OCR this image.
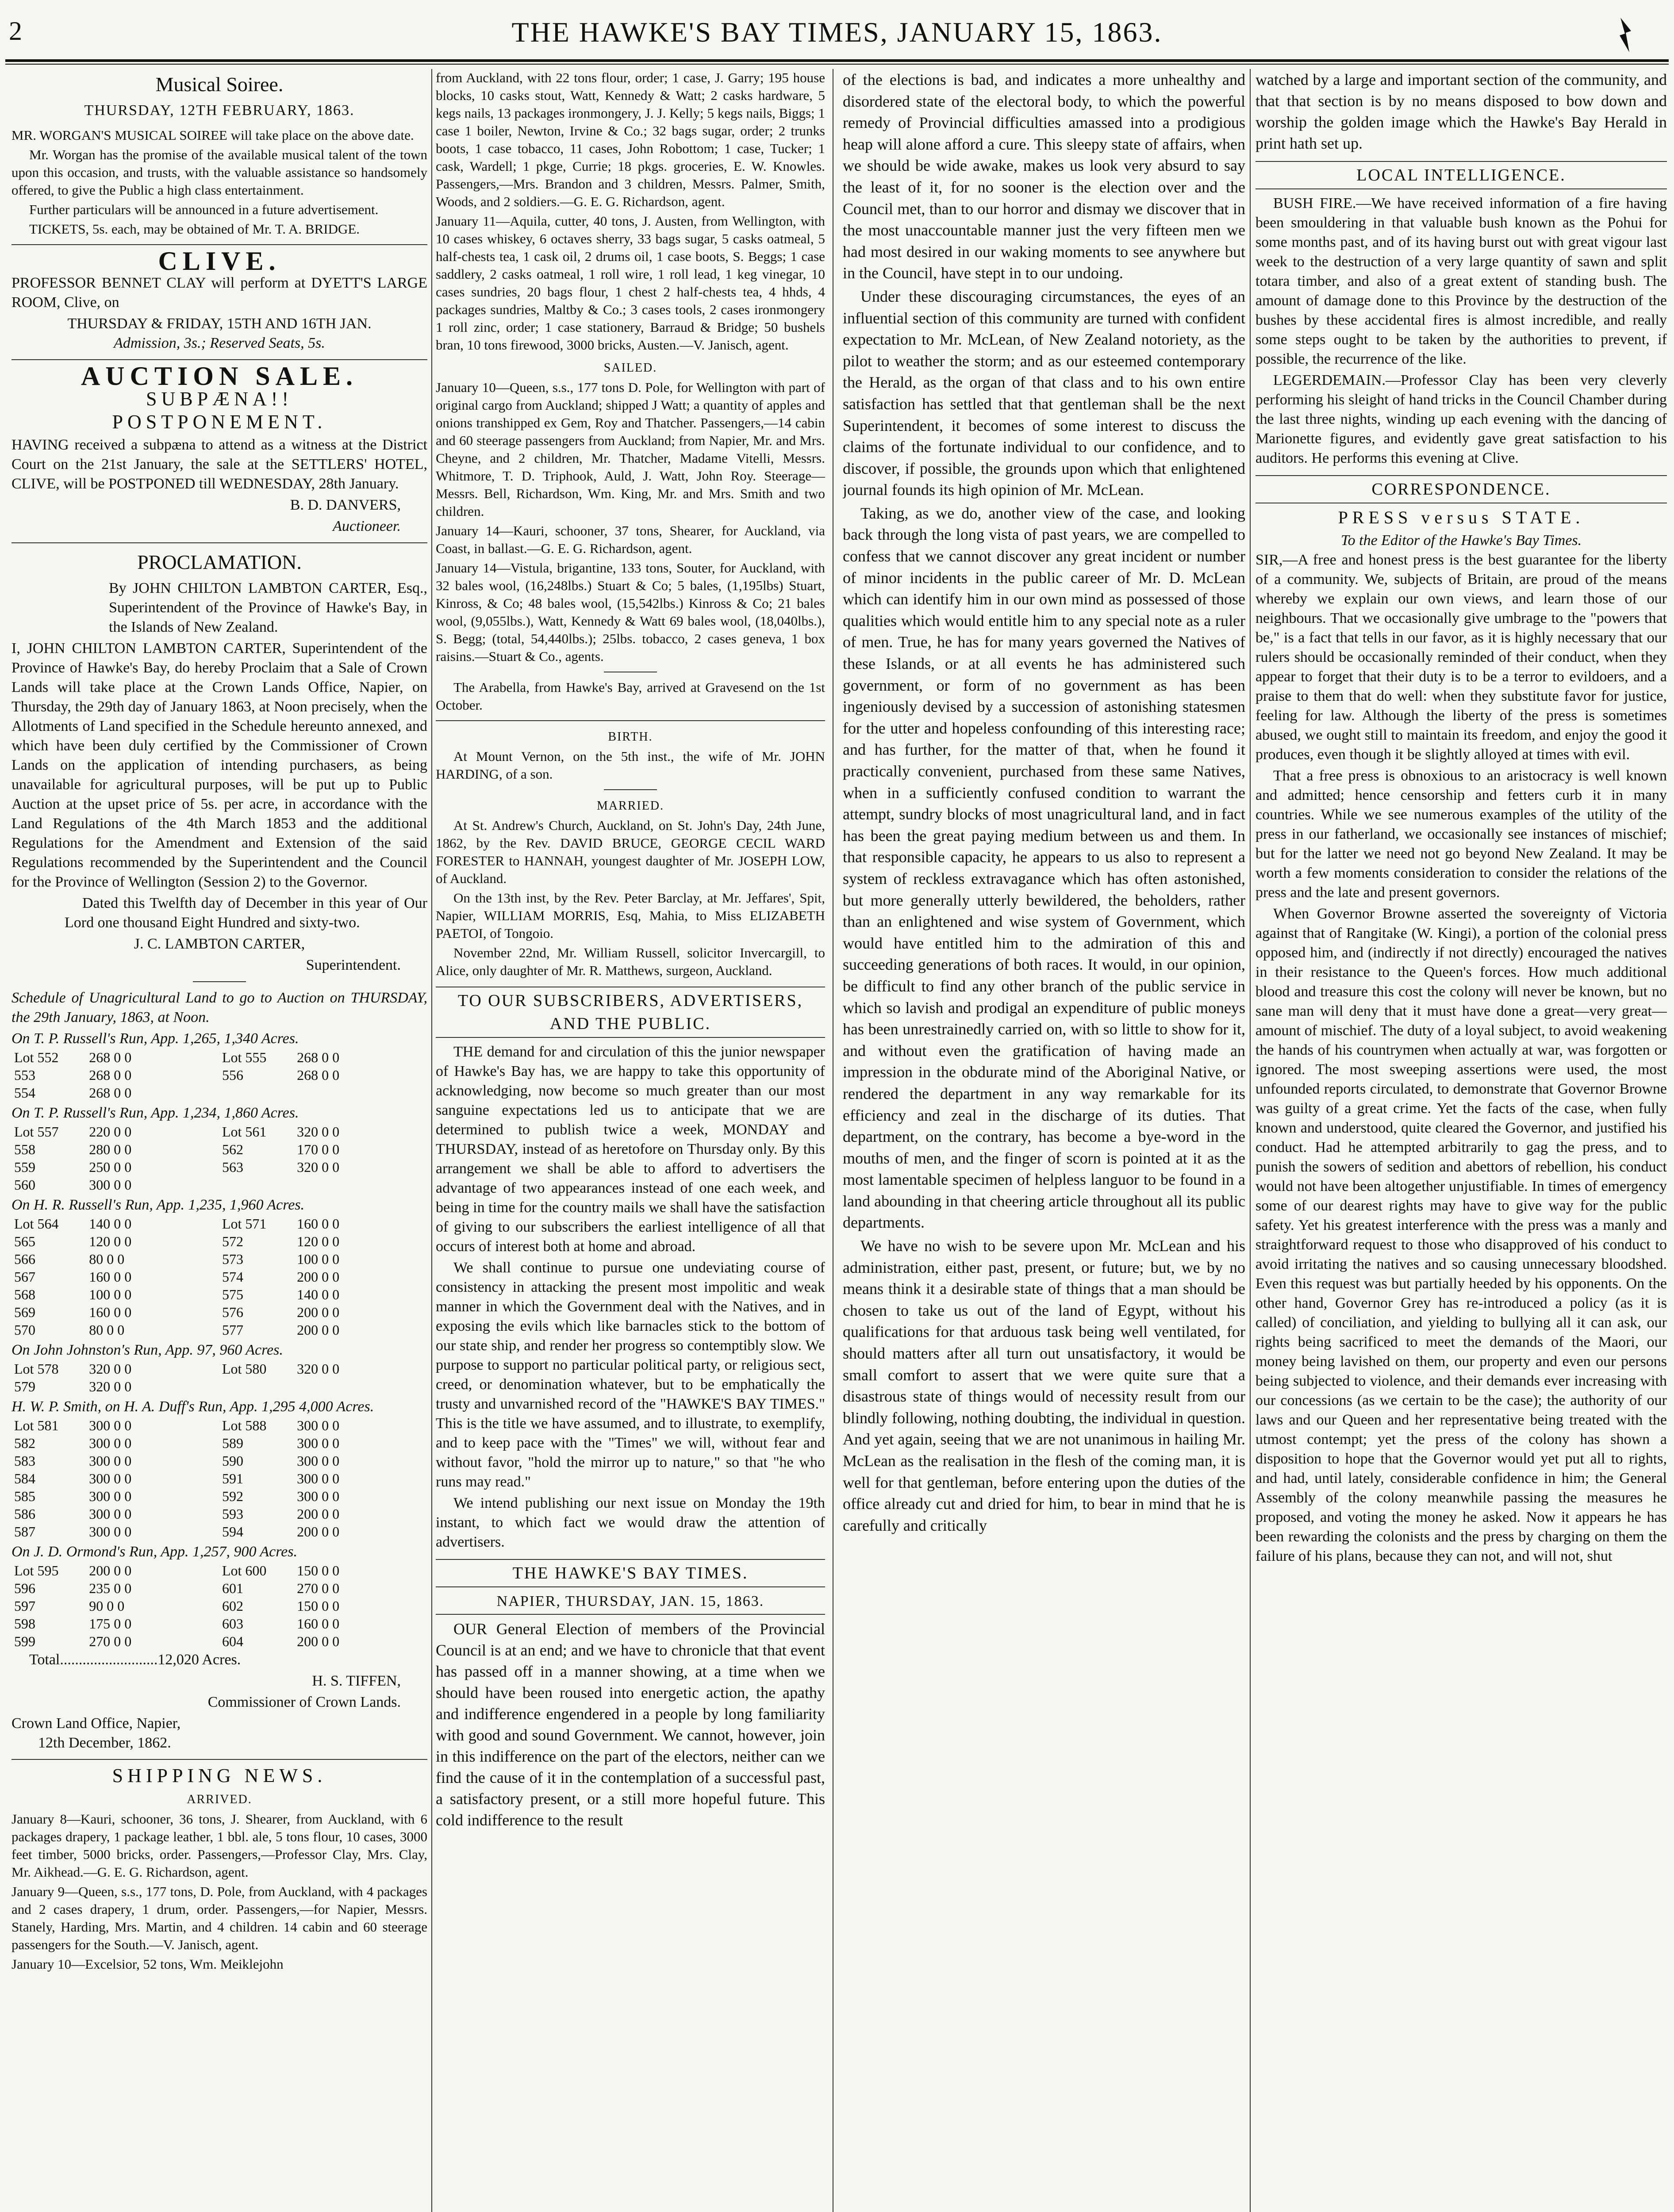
2	THE HAWKE'S BAY TIMES, JANUARY 15, 1863.
Musical Soiree.
THURSDAY, 12TH FEBRUARY, 1863.

MR. WORGAN'S MUSICAL SOIREE will take place on the above date.

Mr. Worgan has the promise of the available musical talent of the town upon this occasion, and trusts, with the valuable assistance so handsomely offered, to give the Public a high class entertainment.

Further particulars will be announced in a future advertisement.

TICKETS, 5s. each, may be obtained of Mr. T. A. BRIDGE.

CLIVE.

PROFESSOR BENNET CLAY will perform at DYETT'S LARGE ROOM, Clive, on

THURSDAY & FRIDAY, 15TH AND 16TH JAN.
Admission, 3s.; Reserved Seats, 5s.
AUCTION SALE.
SUBPÆNA!!
POSTPONEMENT.

HAVING received a subpæna to attend as a witness at the District Court on the 21st January, the sale at the SETTLERS' HOTEL, CLIVE, will be POSTPONED till WEDNESDAY, 28th January.

B. D. DANVERS,
Auctioneer.
PROCLAMATION.

By JOHN CHILTON LAMBTON CARTER, Esq., Superintendent of the Province of Hawke's Bay, in the Islands of New Zealand.

I, JOHN CHILTON LAMBTON CARTER, Superintendent of the Province of Hawke's Bay, do hereby Proclaim that a Sale of Crown Lands will take place at the Crown Lands Office, Napier, on Thursday, the 29th day of January 1863, at Noon precisely, when the Allotments of Land specified in the Schedule hereunto annexed, and which have been duly certified by the Commissioner of Crown Lands on the application of intending purchasers, as being unavailable for agricultural purposes, will be put up to Public Auction at the upset price of 5s. per acre, in accordance with the Land Regulations of the 4th March 1853 and the additional Regulations for the Amendment and Extension of the said Regulations recommended by the Superintendent and the Council for the Province of Wellington (Session 2) to the Governor.

Dated this Twelfth day of December in this year of Our Lord one thousand Eight Hundred and sixty-two.

J. C. LAMBTON CARTER,
Superintendent.

Schedule of Unagricultural Land to go to Auction on THURSDAY, the 29th January, 1863, at Noon.

On T. P. Russell's Run, App. 1,265, 1,340 Acres.
Lot 552	268 0 0	Lot 555	268 0 0
553	268 0 0	556	268 0 0
554	268 0 0		
On T. P. Russell's Run, App. 1,234, 1,860 Acres.
Lot 557	220 0 0	Lot 561	320 0 0
558	280 0 0	562	170 0 0
559	250 0 0	563	320 0 0
560	300 0 0		
On H. R. Russell's Run, App. 1,235, 1,960 Acres.
Lot 564	140 0 0	Lot 571	160 0 0
565	120 0 0	572	120 0 0
566	80 0 0	573	100 0 0
567	160 0 0	574	200 0 0
568	100 0 0	575	140 0 0
569	160 0 0	576	200 0 0
570	80 0 0	577	200 0 0
On John Johnston's Run, App. 97, 960 Acres.
Lot 578	320 0 0	Lot 580	320 0 0
579	320 0 0		
H. W. P. Smith, on H. A. Duff's Run, App. 1,295 4,000 Acres.
Lot 581	300 0 0	Lot 588	300 0 0
582	300 0 0	589	300 0 0
583	300 0 0	590	300 0 0
584	300 0 0	591	300 0 0
585	300 0 0	592	300 0 0
586	300 0 0	593	200 0 0
587	300 0 0	594	200 0 0
On J. D. Ormond's Run, App. 1,257, 900 Acres.
Lot 595	200 0 0	Lot 600	150 0 0
596	235 0 0	601	270 0 0
597	90 0 0	602	150 0 0
598	175 0 0	603	160 0 0
599	270 0 0	604	200 0 0
Total..........................12,020 Acres.
H. S. TIFFEN,
Commissioner of Crown Lands.
Crown Land Office, Napier,
12th December, 1862.
SHIPPING NEWS.
ARRIVED.

January 8—Kauri, schooner, 36 tons, J. Shearer, from Auckland, with 6 packages drapery, 1 package leather, 1 bbl. ale, 5 tons flour, 10 cases, 3000 feet timber, 5000 bricks, order. Passengers,—Professor Clay, Mrs. Clay, Mr. Aikhead.—G. E. G. Richardson, agent.

January 9—Queen, s.s., 177 tons, D. Pole, from Auckland, with 4 packages and 2 cases drapery, 1 drum, order. Passengers,—for Napier, Messrs. Stanely, Harding, Mrs. Martin, and 4 children. 14 cabin and 60 steerage passengers for the South.—V. Janisch, agent.

January 10—Excelsior, 52 tons, Wm. Meiklejohn

from Auckland, with 22 tons flour, order; 1 case, J. Garry; 195 house blocks, 10 casks stout, Watt, Kennedy & Watt; 2 casks hardware, 5 kegs nails, 13 packages ironmongery, J. J. Kelly; 5 kegs nails, Biggs; 1 case 1 boiler, Newton, Irvine & Co.; 32 bags sugar, order; 2 trunks boots, 1 case tobacco, 11 cases, John Robottom; 1 case, Tucker; 1 cask, Wardell; 1 pkge, Currie; 18 pkgs. groceries, E. W. Knowles. Passengers,—Mrs. Brandon and 3 children, Messrs. Palmer, Smith, Woods, and 2 soldiers.—G. E. G. Richardson, agent.

January 11—Aquila, cutter, 40 tons, J. Austen, from Wellington, with 10 cases whiskey, 6 octaves sherry, 33 bags sugar, 5 casks oatmeal, 5 half-chests tea, 1 cask oil, 2 drums oil, 1 case boots, S. Beggs; 1 case saddlery, 2 casks oatmeal, 1 roll wire, 1 roll lead, 1 keg vinegar, 10 cases sundries, 20 bags flour, 1 chest 2 half-chests tea, 4 hhds, 4 packages sundries, Maltby & Co.; 3 cases tools, 2 cases ironmongery 1 roll zinc, order; 1 case stationery, Barraud & Bridge; 50 bushels bran, 10 tons firewood, 3000 bricks, Austen.—V. Janisch, agent.

SAILED.

January 10—Queen, s.s., 177 tons D. Pole, for Wellington with part of original cargo from Auckland; shipped J Watt; a quantity of apples and onions transhipped ex Gem, Roy and Thatcher. Passengers,—14 cabin and 60 steerage passengers from Auckland; from Napier, Mr. and Mrs. Cheyne, and 2 children, Mr. Thatcher, Madame Vitelli, Messrs. Whitmore, T. D. Triphook, Auld, J. Watt, John Roy. Steerage—Messrs. Bell, Richardson, Wm. King, Mr. and Mrs. Smith and two children.

January 14—Kauri, schooner, 37 tons, Shearer, for Auckland, via Coast, in ballast.—G. E. G. Richardson, agent.

January 14—Vistula, brigantine, 133 tons, Souter, for Auckland, with 32 bales wool, (16,248lbs.) Stuart & Co; 5 bales, (1,195lbs) Stuart, Kinross, & Co; 48 bales wool, (15,542lbs.) Kinross & Co; 21 bales wool, (9,055lbs.), Watt, Kennedy & Watt 69 bales wool, (18,040lbs.), S. Begg; (total, 54,440lbs.); 25lbs. tobacco, 2 cases geneva, 1 box raisins.—Stuart & Co., agents.

The Arabella, from Hawke's Bay, arrived at Gravesend on the 1st October.

BIRTH.

At Mount Vernon, on the 5th inst., the wife of Mr. JOHN HARDING, of a son.

MARRIED.

At St. Andrew's Church, Auckland, on St. John's Day, 24th June, 1862, by the Rev. DAVID BRUCE, GEORGE CECIL WARD FORESTER to HANNAH, youngest daughter of Mr. JOSEPH LOW, of Auckland.

On the 13th inst, by the Rev. Peter Barclay, at Mr. Jeffares', Spit, Napier, WILLIAM MORRIS, Esq, Mahia, to Miss ELIZABETH PAETOI, of Tongoio.

November 22nd, Mr. William Russell, solicitor Invercargill, to Alice, only daughter of Mr. R. Matthews, surgeon, Auckland.

TO OUR SUBSCRIBERS, ADVERTISERS, AND THE PUBLIC.

THE demand for and circulation of this the junior newspaper of Hawke's Bay has, we are happy to take this opportunity of acknowledging, now become so much greater than our most sanguine expectations led us to anticipate that we are determined to publish twice a week, MONDAY and THURSDAY, instead of as heretofore on Thursday only. By this arrangement we shall be able to afford to advertisers the advantage of two appearances instead of one each week, and being in time for the country mails we shall have the satisfaction of giving to our subscribers the earliest intelligence of all that occurs of interest both at home and abroad.

We shall continue to pursue one undeviating course of consistency in attacking the present most impolitic and weak manner in which the Government deal with the Natives, and in exposing the evils which like barnacles stick to the bottom of our state ship, and render her progress so contemptibly slow. We purpose to support no particular political party, or religious sect, creed, or denomination whatever, but to be emphatically the trusty and unvarnished record of the "HAWKE'S BAY TIMES." This is the title we have assumed, and to illustrate, to exemplify, and to keep pace with the "Times" we will, without fear and without favor, "hold the mirror up to nature," so that "he who runs may read."

We intend publishing our next issue on Monday the 19th instant, to which fact we would draw the attention of advertisers.

THE HAWKE'S BAY TIMES.
NAPIER, THURSDAY, JAN. 15, 1863.

OUR General Election of members of the Provincial Council is at an end; and we have to chronicle that that event has passed off in a manner showing, at a time when we should have been roused into energetic action, the apathy and indifference engendered in a people by long familiarity with good and sound Government. We cannot, however, join in this indifference on the part of the electors, neither can we find the cause of it in the contemplation of a successful past, a satisfactory present, or a still more hopeful future. This cold indifference to the result

of the elections is bad, and indicates a more unhealthy and disordered state of the electoral body, to which the powerful remedy of Provincial difficulties amassed into a prodigious heap will alone afford a cure. This sleepy state of affairs, when we should be wide awake, makes us look very absurd to say the least of it, for no sooner is the election over and the Council met, than to our horror and dismay we discover that in the most unaccountable manner just the very fifteen men we had most desired in our waking moments to see anywhere but in the Council, have stept in to our undoing.

Under these discouraging circumstances, the eyes of an influential section of this community are turned with confident expectation to Mr. McLean, of New Zealand notoriety, as the pilot to weather the storm; and as our esteemed contemporary the Herald, as the organ of that class and to his own entire satisfaction has settled that that gentleman shall be the next Superintendent, it becomes of some interest to discuss the claims of the fortunate individual to our confidence, and to discover, if possible, the grounds upon which that enlightened journal founds its high opinion of Mr. McLean.

Taking, as we do, another view of the case, and looking back through the long vista of past years, we are compelled to confess that we cannot discover any great incident or number of minor incidents in the public career of Mr. D. McLean which can identify him in our own mind as possessed of those qualities which would entitle him to any special note as a ruler of men. True, he has for many years governed the Natives of these Islands, or at all events he has administered such government, or form of no government as has been ingeniously devised by a succession of astonishing statesmen for the utter and hopeless confounding of this interesting race; and has further, for the matter of that, when he found it practically convenient, purchased from these same Natives, when in a sufficiently confused condition to warrant the attempt, sundry blocks of most unagricultural land, and in fact has been the great paying medium between us and them. In that responsible capacity, he appears to us also to represent a system of reckless extravagance which has often astonished, but more generally utterly bewildered, the beholders, rather than an enlightened and wise system of Government, which would have entitled him to the admiration of this and succeeding generations of both races. It would, in our opinion, be difficult to find any other branch of the public service in which so lavish and prodigal an expenditure of public moneys has been unrestrainedly carried on, with so little to show for it, and without even the gratification of having made an impression in the obdurate mind of the Aboriginal Native, or rendered the department in any way remarkable for its efficiency and zeal in the discharge of its duties. That department, on the contrary, has become a bye-word in the mouths of men, and the finger of scorn is pointed at it as the most lamentable specimen of helpless languor to be found in a land abounding in that cheering article throughout all its public departments.

We have no wish to be severe upon Mr. McLean and his administration, either past, present, or future; but, we by no means think it a desirable state of things that a man should be chosen to take us out of the land of Egypt, without his qualifications for that arduous task being well ventilated, for should matters after all turn out unsatisfactory, it would be small comfort to assert that we were quite sure that a disastrous state of things would of necessity result from our blindly following, nothing doubting, the individual in question. And yet again, seeing that we are not unanimous in hailing Mr. McLean as the realisation in the flesh of the coming man, it is well for that gentleman, before entering upon the duties of the office already cut and dried for him, to bear in mind that he is carefully and critically

watched by a large and important section of the community, and that that section is by no means disposed to bow down and worship the golden image which the Hawke's Bay Herald in print hath set up.

LOCAL INTELLIGENCE.

BUSH FIRE.—We have received information of a fire having been smouldering in that valuable bush known as the Pohui for some months past, and of its having burst out with great vigour last week to the destruction of a very large quantity of sawn and split totara timber, and also of a great extent of standing bush. The amount of damage done to this Province by the destruction of the bushes by these accidental fires is almost incredible, and really some steps ought to be taken by the authorities to prevent, if possible, the recurrence of the like.

LEGERDEMAIN.—Professor Clay has been very cleverly performing his sleight of hand tricks in the Council Chamber during the last three nights, winding up each evening with the dancing of Marionette figures, and evidently gave great satisfaction to his auditors. He performs this evening at Clive.

CORRESPONDENCE.
PRESS versus STATE.
To the Editor of the Hawke's Bay Times.

SIR,—A free and honest press is the best guarantee for the liberty of a community. We, subjects of Britain, are proud of the means whereby we explain our own views, and learn those of our neighbours. That we occasionally give umbrage to the "powers that be," is a fact that tells in our favor, as it is highly necessary that our rulers should be occasionally reminded of their conduct, when they appear to forget that their duty is to be a terror to evildoers, and a praise to them that do well: when they substitute favor for justice, feeling for law. Although the liberty of the press is sometimes abused, we ought still to maintain its freedom, and enjoy the good it produces, even though it be slightly alloyed at times with evil.

That a free press is obnoxious to an aristocracy is well known and admitted; hence censorship and fetters curb it in many countries. While we see numerous examples of the utility of the press in our fatherland, we occasionally see instances of mischief; but for the latter we need not go beyond New Zealand. It may be worth a few moments consideration to consider the relations of the press and the late and present governors.

When Governor Browne asserted the sovereignty of Victoria against that of Rangitake (W. Kingi), a portion of the colonial press opposed him, and (indirectly if not directly) encouraged the natives in their resistance to the Queen's forces. How much additional blood and treasure this cost the colony will never be known, but no sane man will deny that it must have done a great—very great—amount of mischief. The duty of a loyal subject, to avoid weakening the hands of his countrymen when actually at war, was forgotten or ignored. The most sweeping assertions were used, the most unfounded reports circulated, to demonstrate that Governor Browne was guilty of a great crime. Yet the facts of the case, when fully known and understood, quite cleared the Governor, and justified his conduct. Had he attempted arbitrarily to gag the press, and to punish the sowers of sedition and abettors of rebellion, his conduct would not have been altogether unjustifiable. In times of emergency some of our dearest rights may have to give way for the public safety. Yet his greatest interference with the press was a manly and straightforward request to those who disapproved of his conduct to avoid irritating the natives and so causing unnecessary bloodshed. Even this request was but partially heeded by his opponents. On the other hand, Governor Grey has re-introduced a policy (as it is called) of conciliation, and yielding to bullying all it can ask, our rights being sacrificed to meet the demands of the Maori, our money being lavished on them, our property and even our persons being subjected to violence, and their demands ever increasing with our concessions (as we certain to be the case); the authority of our laws and our Queen and her representative being treated with the utmost contempt; yet the press of the colony has shown a disposition to hope that the Governor would yet put all to rights, and had, until lately, considerable confidence in him; the General Assembly of the colony meanwhile passing the measures he proposed, and voting the money he asked. Now it appears he has been rewarding the colonists and the press by charging on them the failure of his plans, because they can not, and will not, shut
